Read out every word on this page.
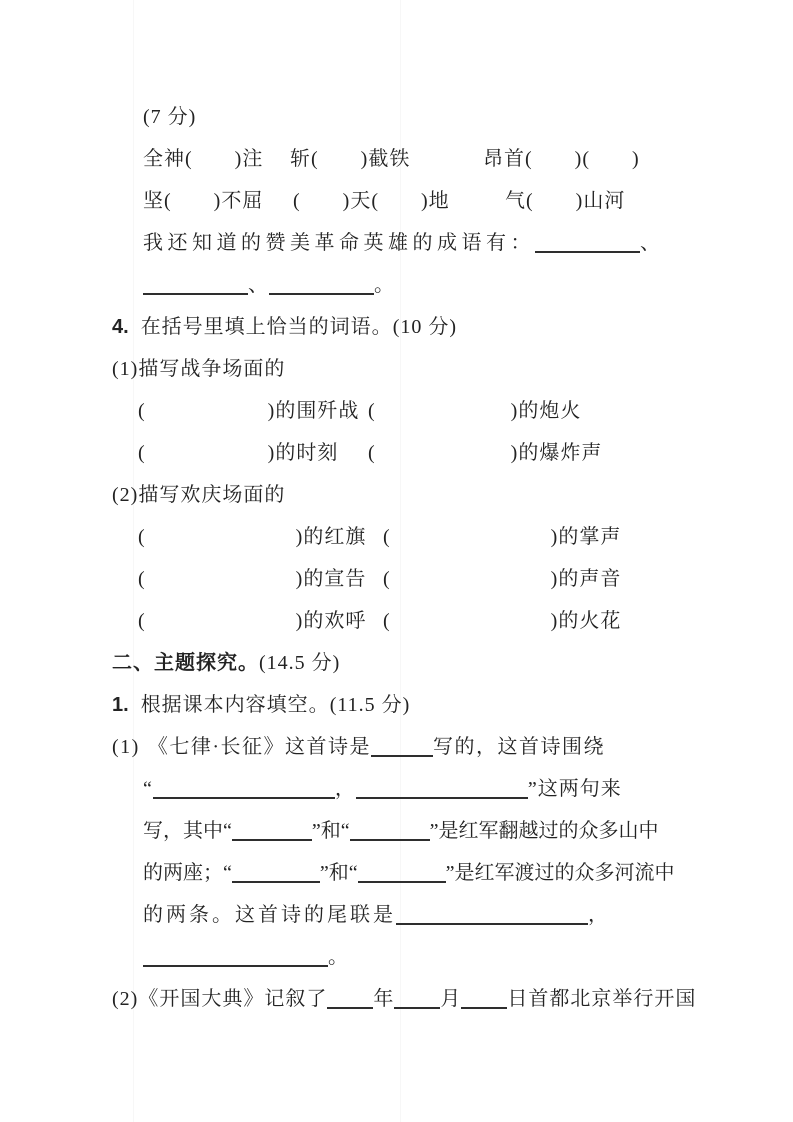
(7 分)
全神(　　)注 斩(　　)截铁	昂首(　　)(　　)
坚(　　)不屈 (　　)天(　　)地	气(　　)山河
我还知道的赞美革命英雄的成语有：	、
、	。
4. 在括号里填上恰当的词语。(10 分)
(1)描写战争场面的
(	)的围歼战 (	)的炮火
(	)的时刻 (	)的爆炸声
(2)描写欢庆场面的
(	)的红旗 (	)的掌声
(	)的宣告 (	)的声音
(	)的欢呼 (	)的火花
二、主题探究。(14.5 分)
1. 根据课本内容填空。(11.5 分)
(1) 《七律·长征》这首诗是	写的，这首诗围绕
“	，	”这两句来
写，其中“	”和“	”是红军翻越过的众多山中
的两座；“	”和“	”是红军渡过的众多河流中
的两条。这首诗的尾联是	，
。
(2)《开国大典》记叙了 年 月 日首都北京举行开国
